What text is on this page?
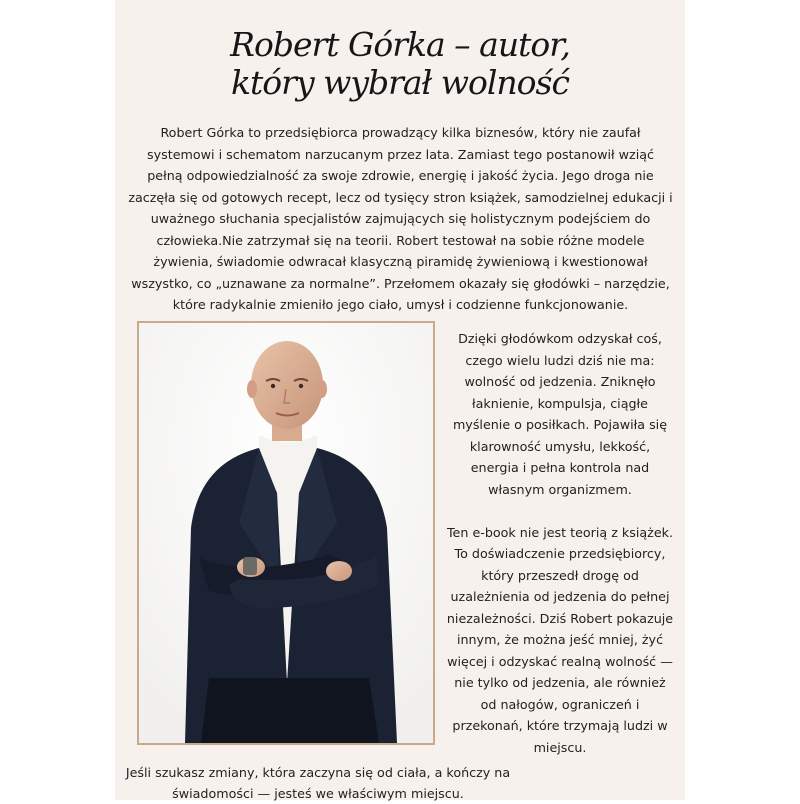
Robert Górka – autor,
który wybrał wolność

Robert Górka to przedsiębiorca prowadzący kilka biznesów, który nie zaufał systemowi i schematom narzucanym przez lata. Zamiast tego postanowił wziąć pełną odpowiedzialność za swoje zdrowie, energię i jakość życia. Jego droga nie zaczęła się od gotowych recept, lecz od tysięcy stron książek, samodzielnej edukacji i uważnego słuchania specjalistów zajmujących się holistycznym podejściem do człowieka.Nie zatrzymał się na teorii. Robert testował na sobie różne modele żywienia, świadomie odwracał klasyczną piramidę żywieniową i kwestionował wszystko, co „uznawane za normalne”. Przełomem okazały się głodówki – narzędzie, które radykalnie zmieniło jego ciało, umysł i codzienne funkcjonowanie.

Dzięki głodówkom odzyskał coś, czego wielu ludzi dziś nie ma: wolność od jedzenia. Zniknęło łaknienie, kompulsja, ciągłe myślenie o posiłkach. Pojawiła się klarowność umysłu, lekkość, energia i pełna kontrola nad własnym organizmem.

Ten e-book nie jest teorią z książek. To doświadczenie przedsiębiorcy, który przeszedł drogę od uzależnienia od jedzenia do pełnej niezależności. Dziś Robert pokazuje innym, że można jeść mniej, żyć więcej i odzyskać realną wolność — nie tylko od jedzenia, ale również od nałogów, ograniczeń i przekonań, które trzymają ludzi w miejscu.

Jeśli szukasz zmiany, która zaczyna się od ciała, a kończy na świadomości — jesteś we właściwym miejscu.
